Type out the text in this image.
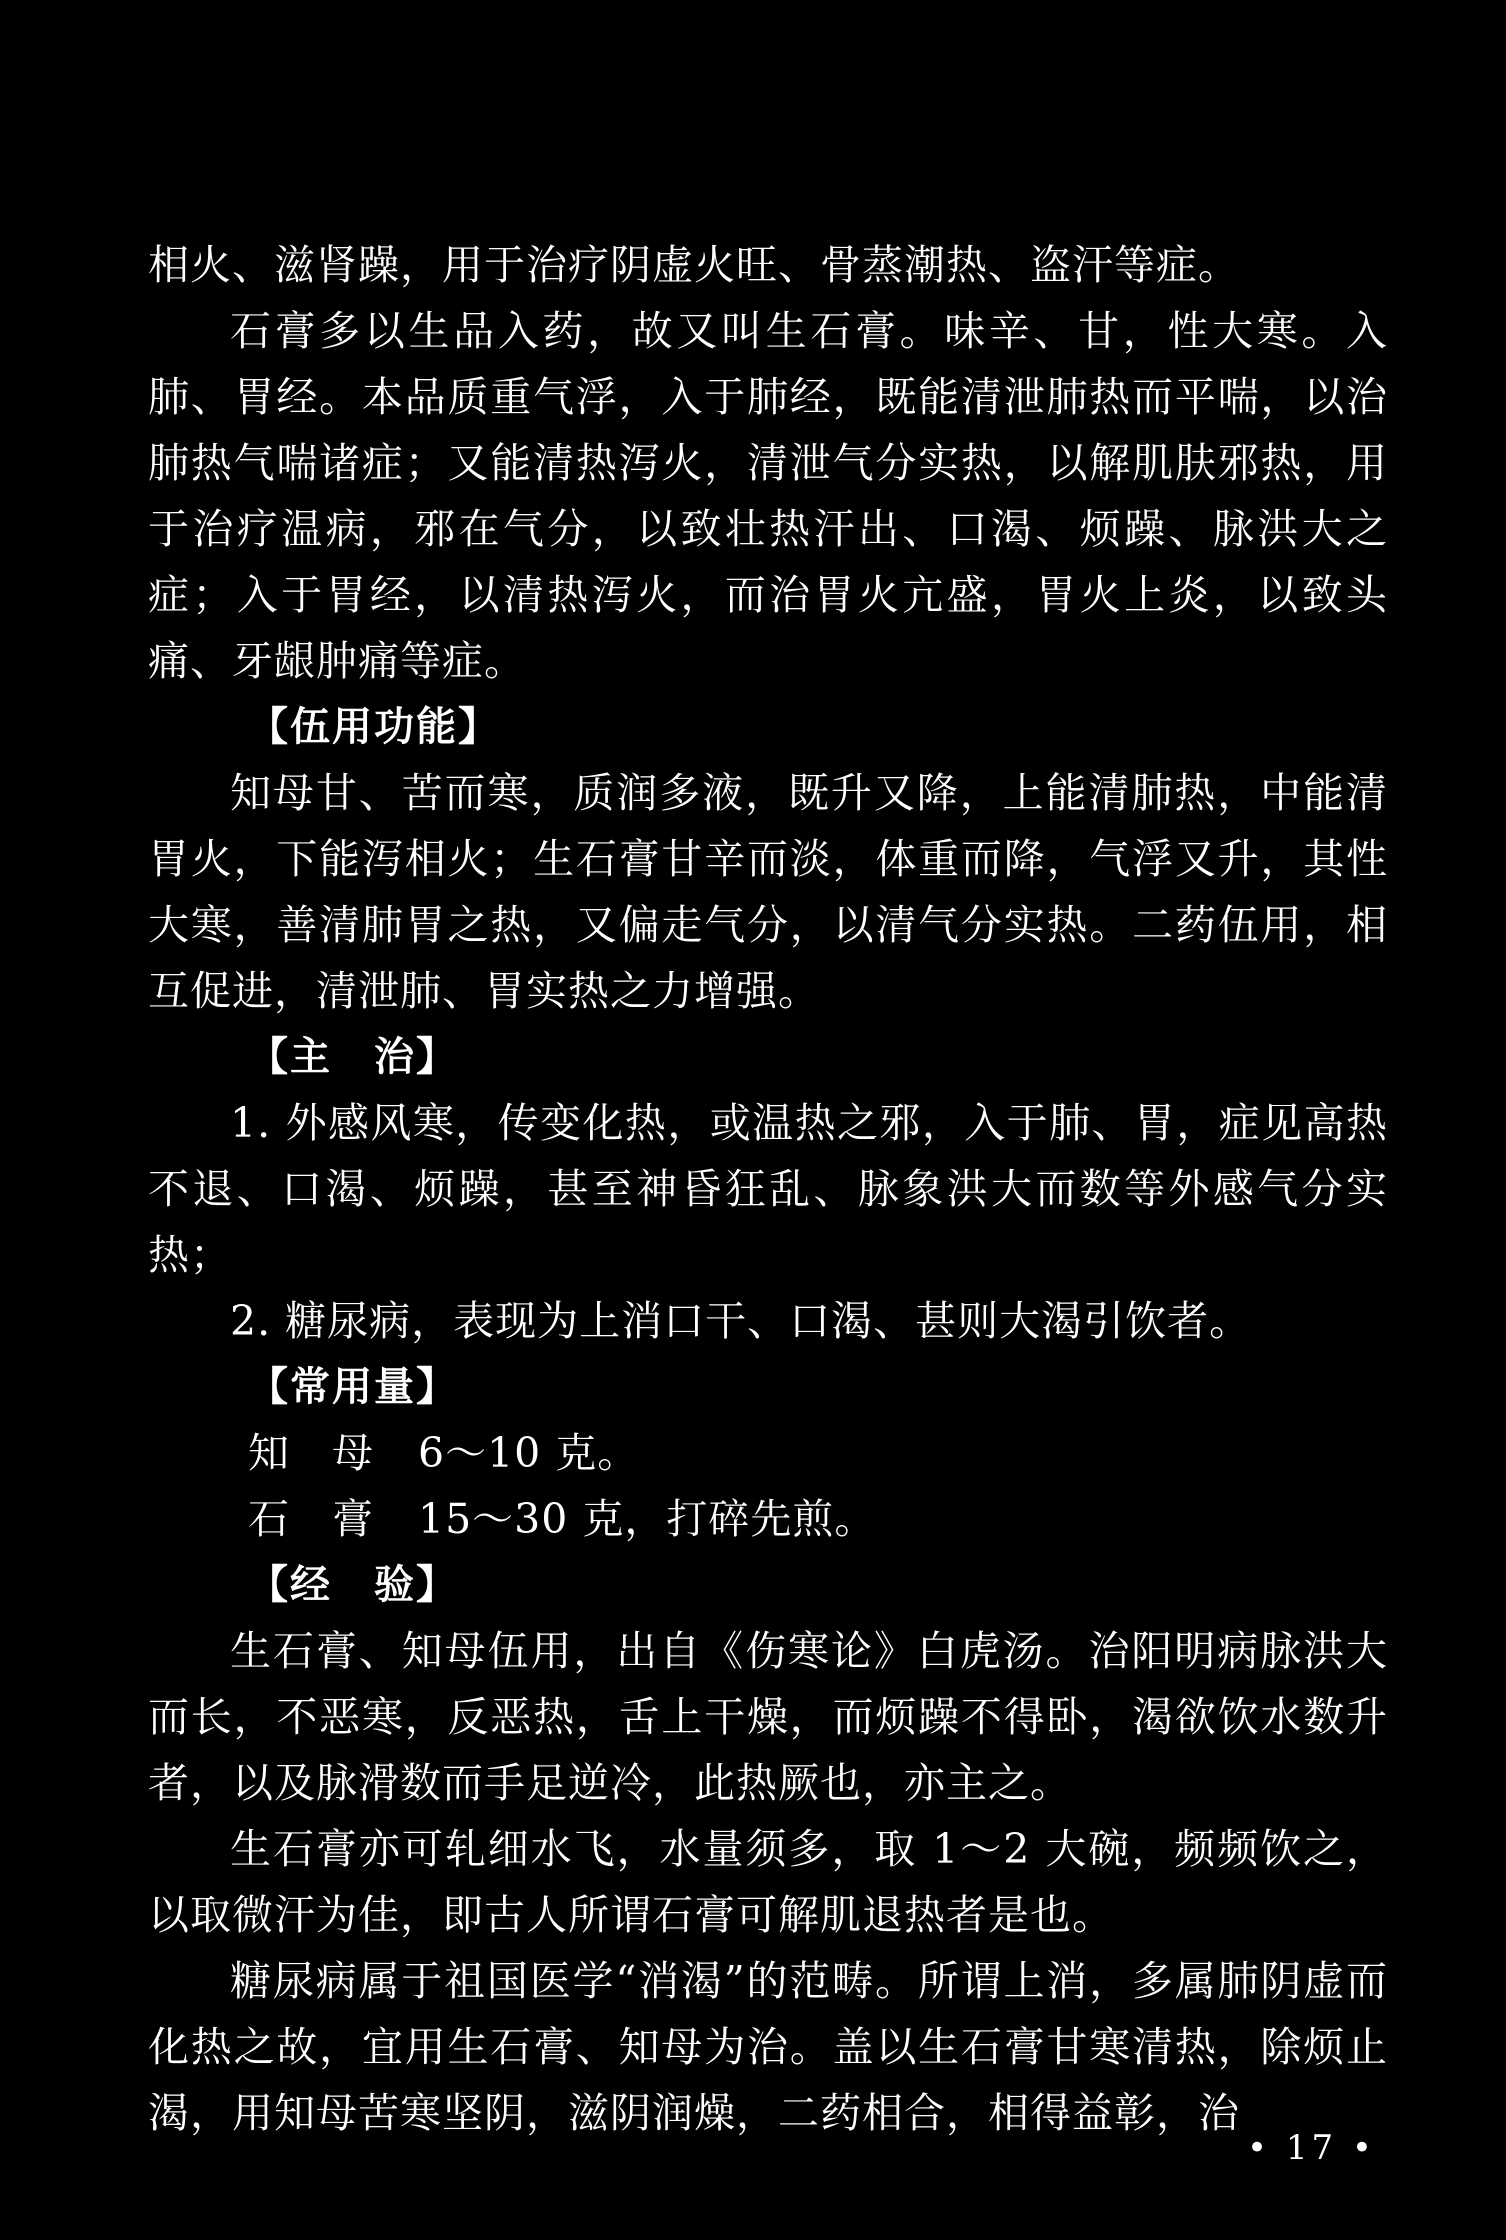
相火、滋肾躁，用于治疗阴虚火旺、骨蒸潮热、盗汗等症。

石膏多以生品入药，故又叫生石膏。味辛、甘，性大寒。入肺、胃经。本品质重气浮，入于肺经，既能清泄肺热而平喘，以治肺热气喘诸症；又能清热泻火，清泄气分实热，以解肌肤邪热，用于治疗温病，邪在气分，以致壮热汗出、口渴、烦躁、脉洪大之症；入于胃经，以清热泻火，而治胃火亢盛，胃火上炎，以致头痛、牙龈肿痛等症。

【伍用功能】

知母甘、苦而寒，质润多液，既升又降，上能清肺热，中能清胃火，下能泻相火；生石膏甘辛而淡，体重而降，气浮又升，其性大寒，善清肺胃之热，又偏走气分，以清气分实热。二药伍用，相互促进，清泄肺、胃实热之力增强。

【主　治】

1. 外感风寒，传变化热，或温热之邪，入于肺、胃，症见高热不退、口渴、烦躁，甚至神昏狂乱、脉象洪大而数等外感气分实热；

2. 糖尿病，表现为上消口干、口渴、甚则大渴引饮者。

【常用量】

知　母 6～10 克。
石　膏 15～30 克，打碎先煎。

【经　验】

生石膏、知母伍用，出自《伤寒论》白虎汤。治阳明病脉洪大而长，不恶寒，反恶热，舌上干燥，而烦躁不得卧，渴欲饮水数升者，以及脉滑数而手足逆冷，此热厥也，亦主之。

生石膏亦可轧细水飞，水量须多，取 1～2 大碗，频频饮之，以取微汗为佳，即古人所谓石膏可解肌退热者是也。

糖尿病属于祖国医学“消渴”的范畴。所谓上消，多属肺阴虚而化热之故，宜用生石膏、知母为治。盖以生石膏甘寒清热，除烦止渴，用知母苦寒坚阴，滋阴润燥，二药相合，相得益彰，治

• 17 •
